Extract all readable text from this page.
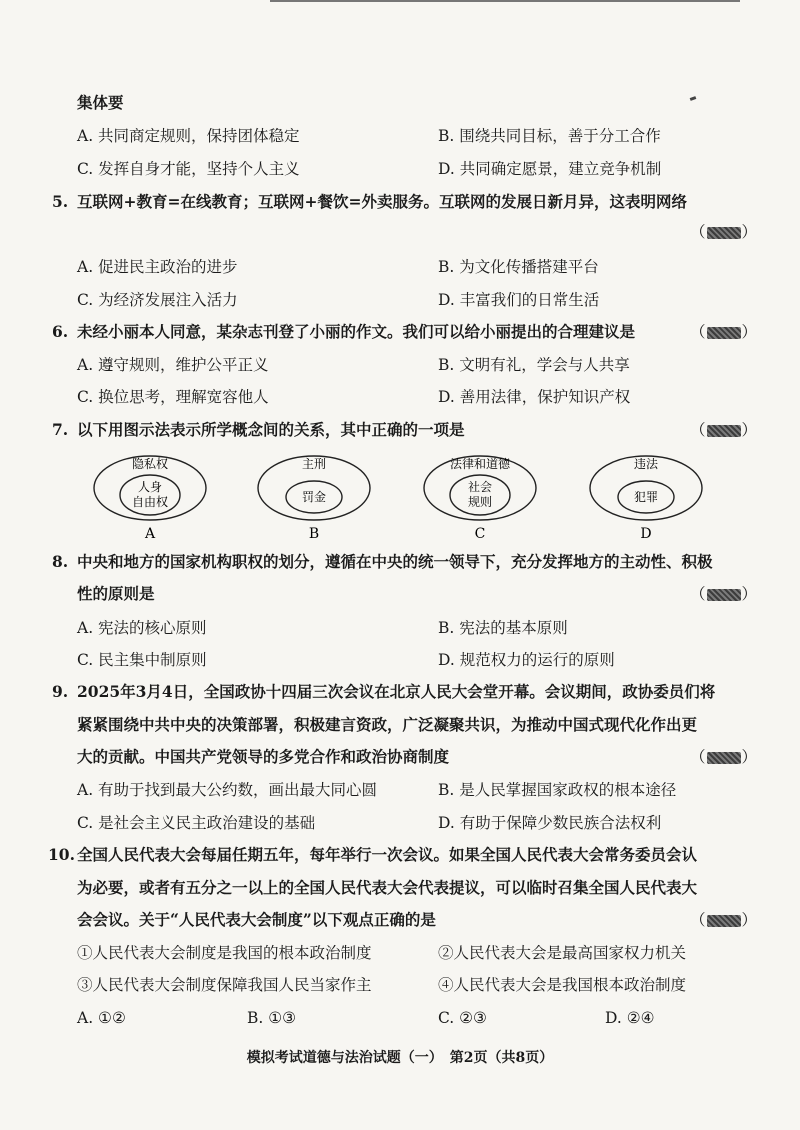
集体要
A. 共同商定规则，保持团体稳定	B. 围绕共同目标，善于分工合作
C. 发挥自身才能，坚持个人主义	D. 共同确定愿景，建立竞争机制
5. 互联网+教育=在线教育；互联网+餐饮=外卖服务。互联网的发展日新月异，这表明网络
（ ）
A. 促进民主政治的进步	B. 为文化传播搭建平台
C. 为经济发展注入活力	D. 丰富我们的日常生活
6. 未经小丽本人同意，某杂志刊登了小丽的作文。我们可以给小丽提出的合理建议是	（ ）
A. 遵守规则，维护公平正义	B. 文明有礼，学会与人共享
C. 换位思考，理解宽容他人	D. 善用法律，保护知识产权
7. 以下用图示法表示所学概念间的关系，其中正确的一项是	（ ）
隐私权
人身
自由权
A
主刑
罚金
B
法律和道德
社会
规则
C
违法
犯罪
D
8. 中央和地方的国家机构职权的划分，遵循在中央的统一领导下，充分发挥地方的主动性、积极
性的原则是	（ ）
A. 宪法的核心原则	B. 宪法的基本原则
C. 民主集中制原则	D. 规范权力的运行的原则
9. 2025年3月4日，全国政协十四届三次会议在北京人民大会堂开幕。会议期间，政协委员们将
紧紧围绕中共中央的决策部署，积极建言资政，广泛凝聚共识，为推动中国式现代化作出更
大的贡献。中国共产党领导的多党合作和政治协商制度	（ ）
A. 有助于找到最大公约数，画出最大同心圆	B. 是人民掌握国家政权的根本途径
C. 是社会主义民主政治建设的基础	D. 有助于保障少数民族合法权利
10. 全国人民代表大会每届任期五年，每年举行一次会议。如果全国人民代表大会常务委员会认
为必要，或者有五分之一以上的全国人民代表大会代表提议，可以临时召集全国人民代表大
会会议。关于“人民代表大会制度”以下观点正确的是	（ ）
①人民代表大会制度是我国的根本政治制度	②人民代表大会是最高国家权力机关
③人民代表大会制度保障我国人民当家作主	④人民代表大会是我国根本政治制度
A. ①②	B. ①③	C. ②③	D. ②④
模拟考试道德与法治试题（一）　第2页（共8页）
